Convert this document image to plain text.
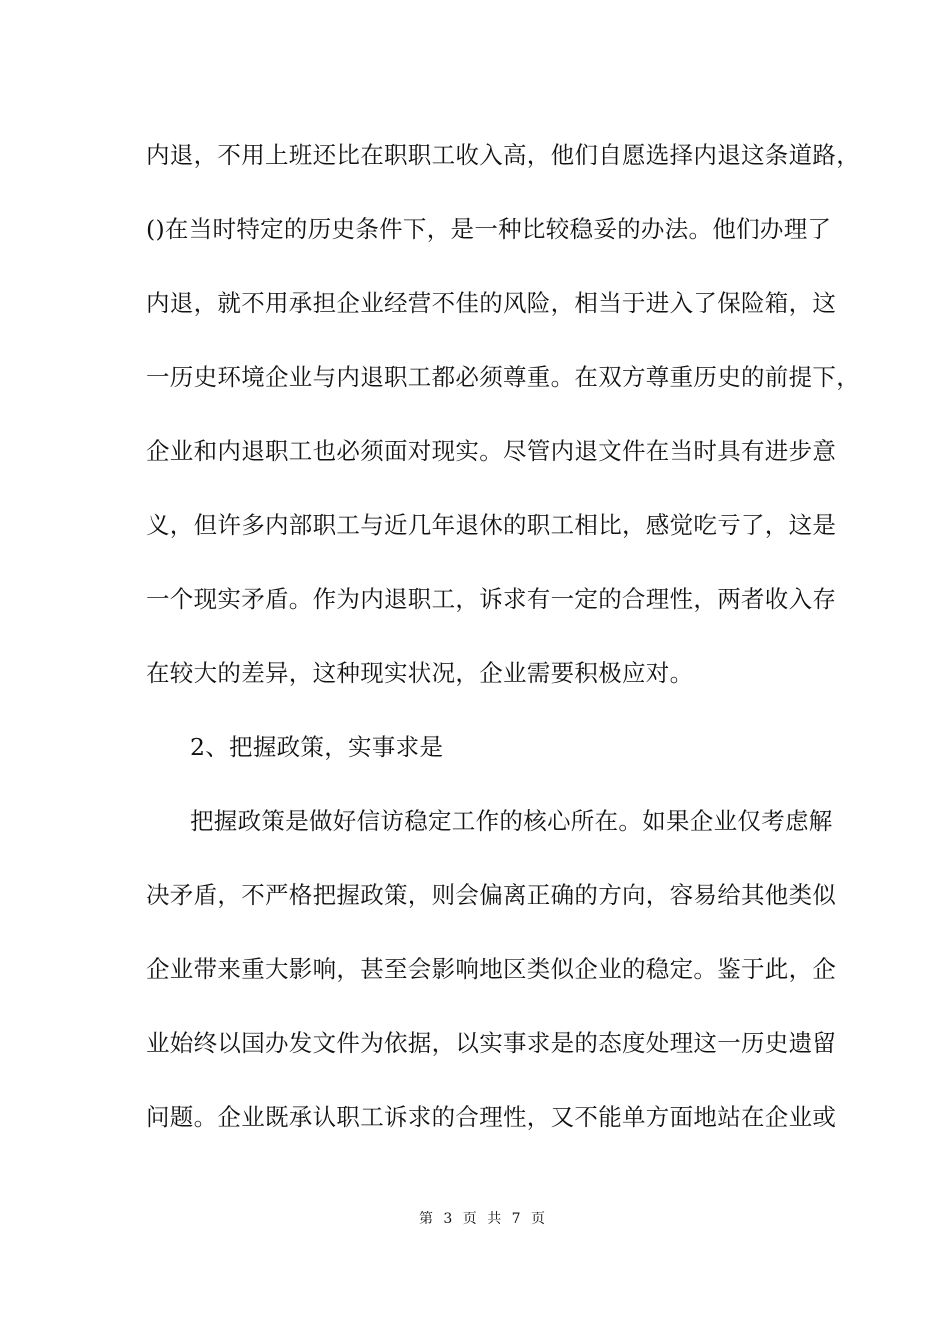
内退，不用上班还比在职职工收入高，他们自愿选择内退这条道路，
()在当时特定的历史条件下，是一种比较稳妥的办法。他们办理了
内退，就不用承担企业经营不佳的风险，相当于进入了保险箱，这
一历史环境企业与内退职工都必须尊重。在双方尊重历史的前提下，
企业和内退职工也必须面对现实。尽管内退文件在当时具有进步意
义，但许多内部职工与近几年退休的职工相比，感觉吃亏了，这是
一个现实矛盾。作为内退职工，诉求有一定的合理性，两者收入存
在较大的差异，这种现实状况，企业需要积极应对。
2、把握政策，实事求是
把握政策是做好信访稳定工作的核心所在。如果企业仅考虑解
决矛盾，不严格把握政策，则会偏离正确的方向，容易给其他类似
企业带来重大影响，甚至会影响地区类似企业的稳定。鉴于此，企
业始终以国办发文件为依据，以实事求是的态度处理这一历史遗留
问题。企业既承认职工诉求的合理性，又不能单方面地站在企业或
第 3 页 共 7 页
